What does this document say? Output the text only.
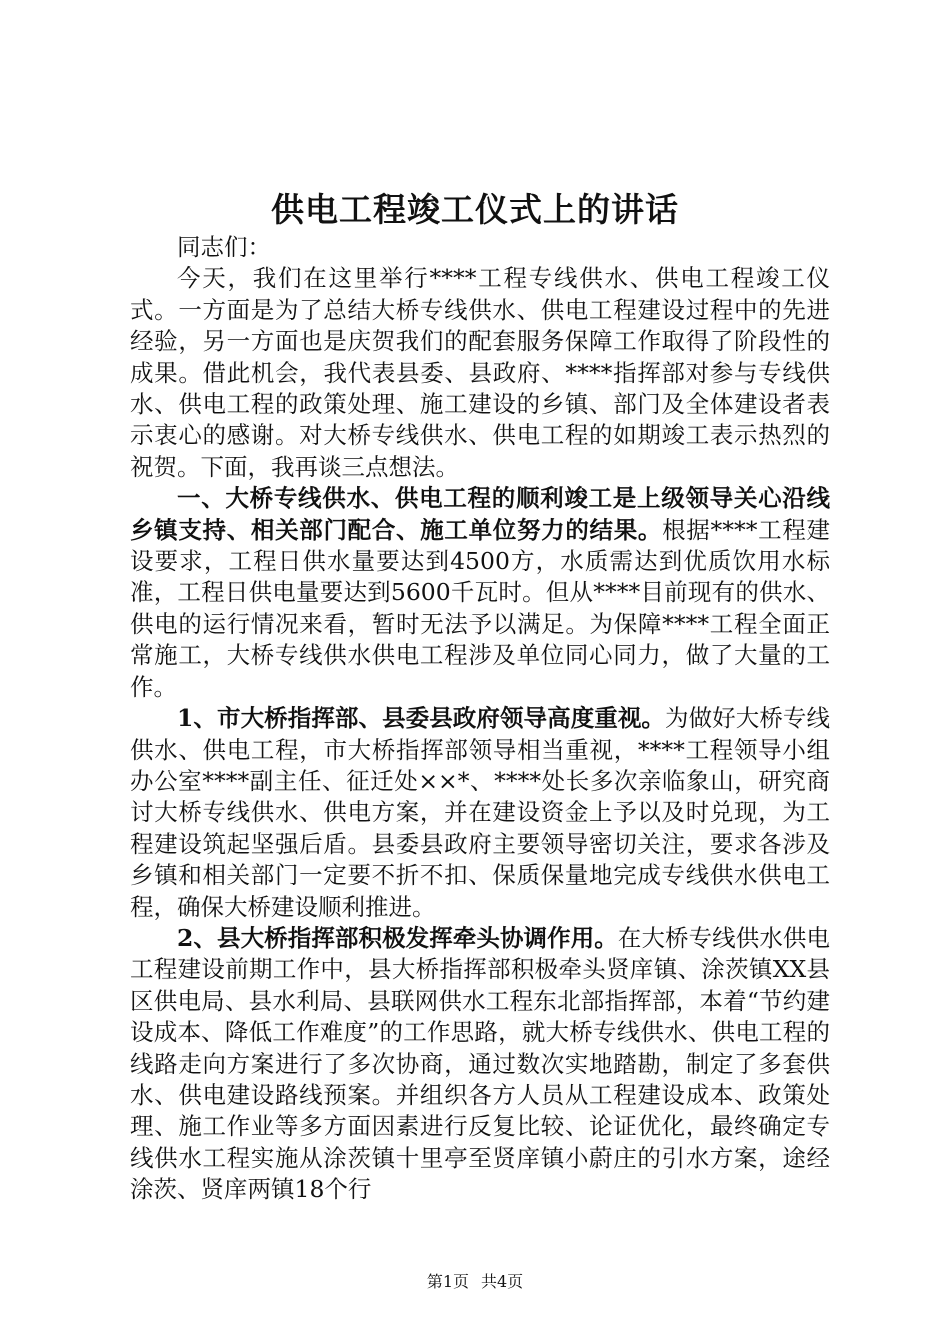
供电工程竣工仪式上的讲话

同志们：

今天，我们在这里举行****工程专线供水、供电工程竣工仪式。一方面是为了总结大桥专线供水、供电工程建设过程中的先进经验，另一方面也是庆贺我们的配套服务保障工作取得了阶段性的成果。借此机会，我代表县委、县政府、****指挥部对参与专线供水、供电工程的政策处理、施工建设的乡镇、部门及全体建设者表示衷心的感谢。对大桥专线供水、供电工程的如期竣工表示热烈的祝贺。下面，我再谈三点想法。

一、大桥专线供水、供电工程的顺利竣工是上级领导关心沿线乡镇支持、相关部门配合、施工单位努力的结果。根据****工程建设要求，工程日供水量要达到4500方，水质需达到优质饮用水标准，工程日供电量要达到5600千瓦时。但从****目前现有的供水、供电的运行情况来看，暂时无法予以满足。为保障****工程全面正常施工，大桥专线供水供电工程涉及单位同心同力，做了大量的工作。

1、市大桥指挥部、县委县政府领导高度重视。为做好大桥专线供水、供电工程，市大桥指挥部领导相当重视，****工程领导小组办公室****副主任、征迁处××*、****处长多次亲临象山，研究商讨大桥专线供水、供电方案，并在建设资金上予以及时兑现，为工程建设筑起坚强后盾。县委县政府主要领导密切关注，要求各涉及乡镇和相关部门一定要不折不扣、保质保量地完成专线供水供电工程，确保大桥建设顺利推进。

2、县大桥指挥部积极发挥牵头协调作用。在大桥专线供水供电工程建设前期工作中，县大桥指挥部积极牵头贤庠镇、涂茨镇XX县区供电局、县水利局、县联网供水工程东北部指挥部，本着“节约建设成本、降低工作难度”的工作思路，就大桥专线供水、供电工程的线路走向方案进行了多次协商，通过数次实地踏勘，制定了多套供水、供电建设路线预案。并组织各方人员从工程建设成本、政策处理、施工作业等多方面因素进行反复比较、论证优化，最终确定专线供水工程实施从涂茨镇十里亭至贤庠镇小蔚庄的引水方案，途经涂茨、贤庠两镇18个行

第1页 共4页
